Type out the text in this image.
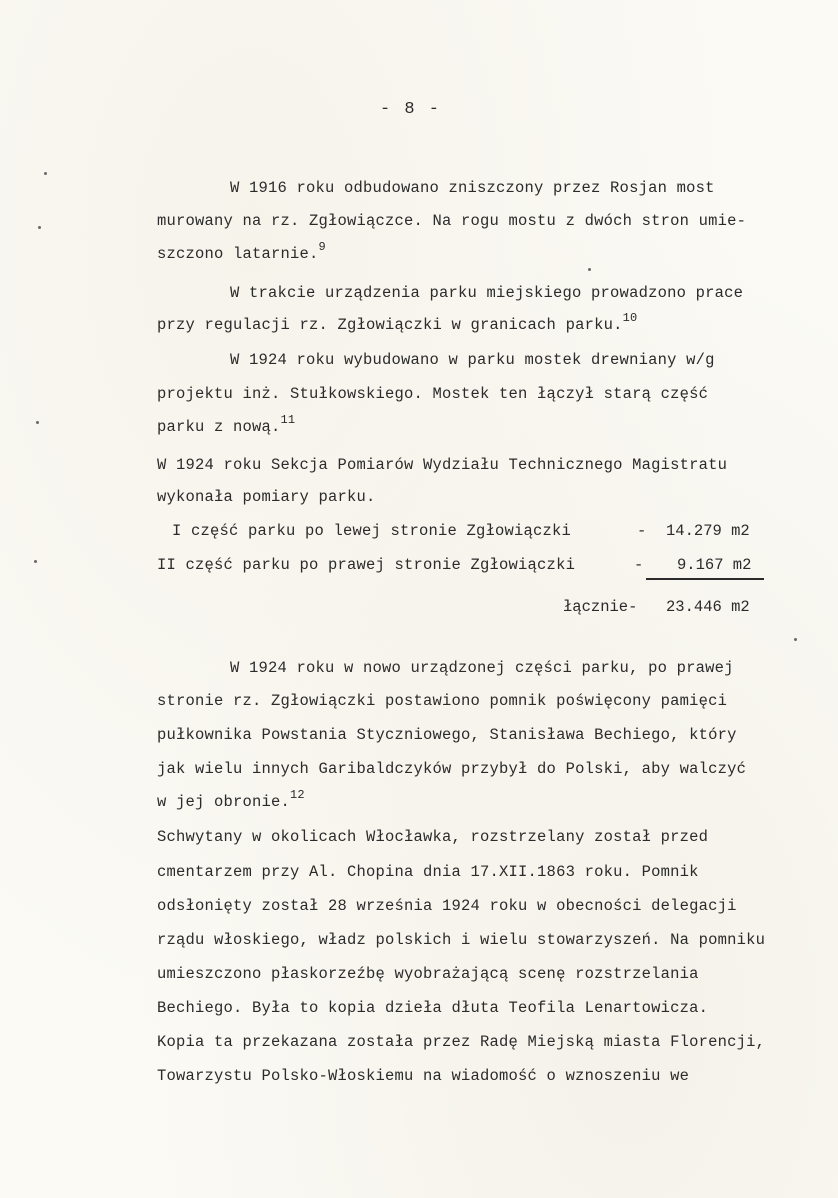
- 8 -
W 1916 roku odbudowano zniszczony przez Rosjan most
murowany na rz. Zgłowiączce. Na rogu mostu z dwóch stron umie-
szczono latarnie.$^9$
W trakcie urządzenia parku miejskiego prowadzono prace
przy regulacji rz. Zgłowiączki w granicach parku.$^{10}$
W 1924 roku wybudowano w parku mostek drewniany w/g
projektu inż. Stułkowskiego. Mostek ten łączył starą część
parku z nową.$^{11}$
W 1924 roku Sekcja Pomiarów Wydziału Technicznego Magistratu
wykonała pomiary parku.
I część parku po lewej stronie Zgłowiączki	- 14.279 m2
II część parku po prawej stronie Zgłowiączki	- 9.167 m2
łącznie- 23.446 m2
W 1924 roku w nowo urządzonej części parku, po prawej
stronie rz. Zgłowiączki postawiono pomnik poświęcony pamięci
pułkownika Powstania Styczniowego, Stanisława Bechiego, który
jak wielu innych Garibaldczyków przybył do Polski, aby walczyć
w jej obronie.$^{12}$
Schwytany w okolicach Włocławka, rozstrzelany został przed
cmentarzem przy Al. Chopina dnia 17.XII.1863 roku. Pomnik
odsłonięty został 28 września 1924 roku w obecności delegacji
rządu włoskiego, władz polskich i wielu stowarzyszeń. Na pomniku
umieszczono płaskorzeźbę wyobrażającą scenę rozstrzelania
Bechiego. Była to kopia dzieła dłuta Teofila Lenartowicza.
Kopia ta przekazana została przez Radę Miejską miasta Florencji,
Towarzystu Polsko-Włoskiemu na wiadomość o wznoszeniu we
